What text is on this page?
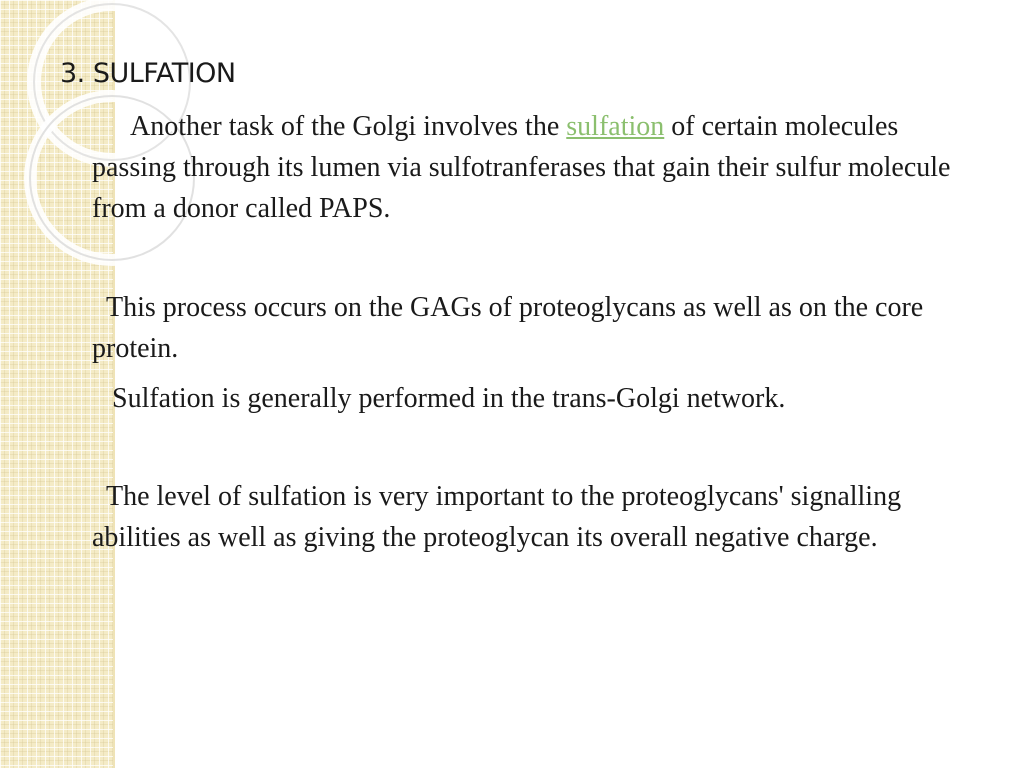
3. SULFATION

Another task of the Golgi involves the sulfation of certain molecules passing through its lumen via sulfotranferases that gain their sulfur molecule from a donor called PAPS.

This process occurs on the GAGs of proteoglycans as well as on the core protein.

Sulfation is generally performed in the trans-Golgi network.

The level of sulfation is very important to the proteoglycans' signalling abilities as well as giving the proteoglycan its overall negative charge.
